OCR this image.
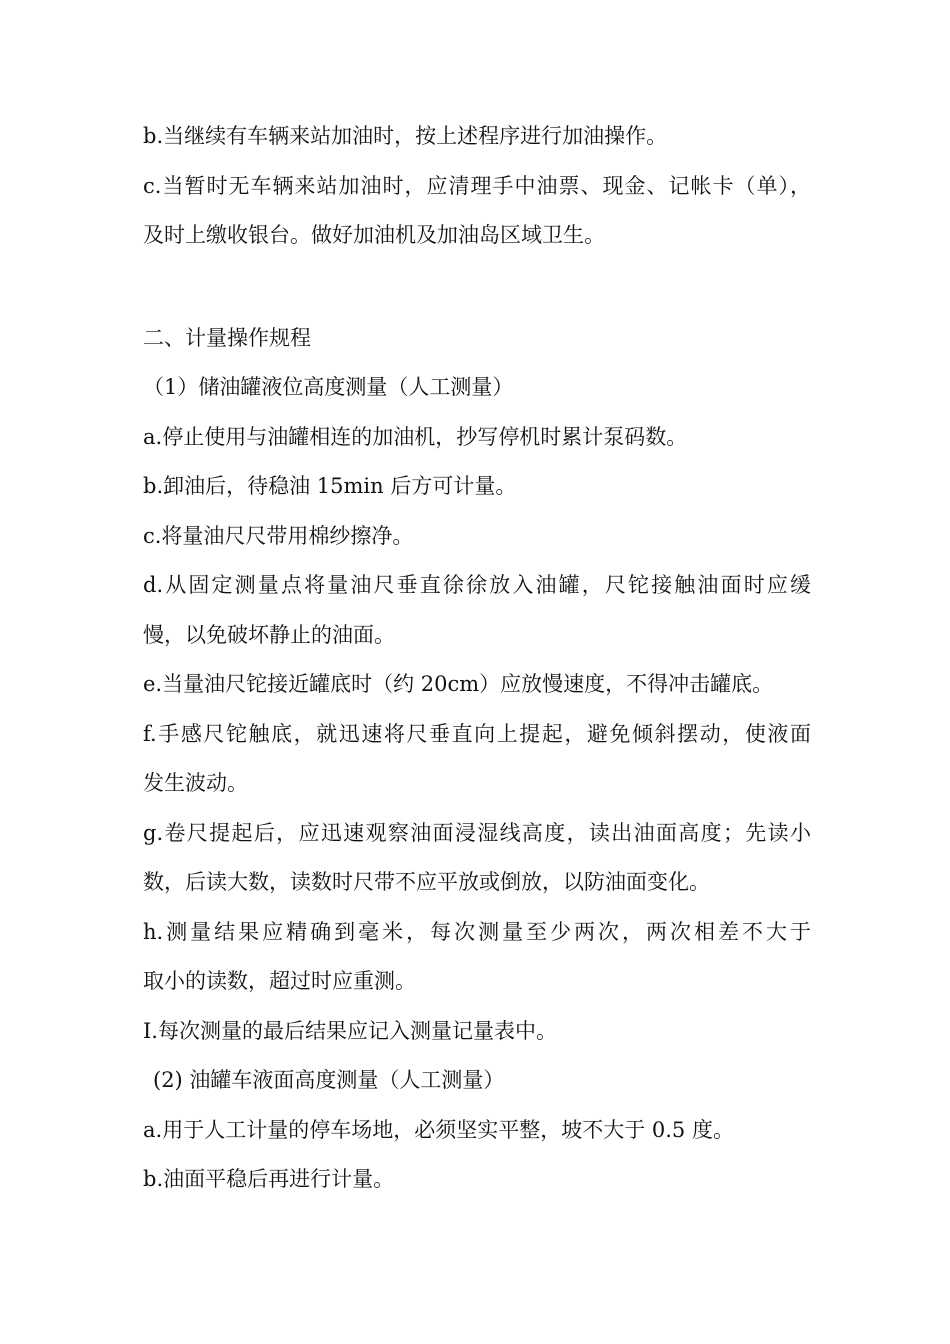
b.当继续有车辆来站加油时，按上述程序进行加油操作。
c.当暂时无车辆来站加油时，应清理手中油票、现金、记帐卡（单），
及时上缴收银台。做好加油机及加油岛区域卫生。
二、计量操作规程
（1）储油罐液位高度测量（人工测量）
a.停止使用与油罐相连的加油机，抄写停机时累计泵码数。
b.卸油后，待稳油 15min 后方可计量。
c.将量油尺尺带用棉纱擦净。
d.从固定测量点将量油尺垂直徐徐放入油罐，尺铊接触油面时应缓
慢，以免破坏静止的油面。
e.当量油尺铊接近罐底时（约 20cm）应放慢速度，不得冲击罐底。
f.手感尺铊触底，就迅速将尺垂直向上提起，避免倾斜摆动，使液面
发生波动。
g.卷尺提起后，应迅速观察油面浸湿线高度，读出油面高度；先读小
数，后读大数，读数时尺带不应平放或倒放，以防油面变化。
h.测量结果应精确到毫米，每次测量至少两次，两次相差不大于
取小的读数，超过时应重测。
I.每次测量的最后结果应记入测量记量表中。
(2) 油罐车液面高度测量（人工测量）
a.用于人工计量的停车场地，必须坚实平整，坡不大于 0.5 度。
b.油面平稳后再进行计量。
